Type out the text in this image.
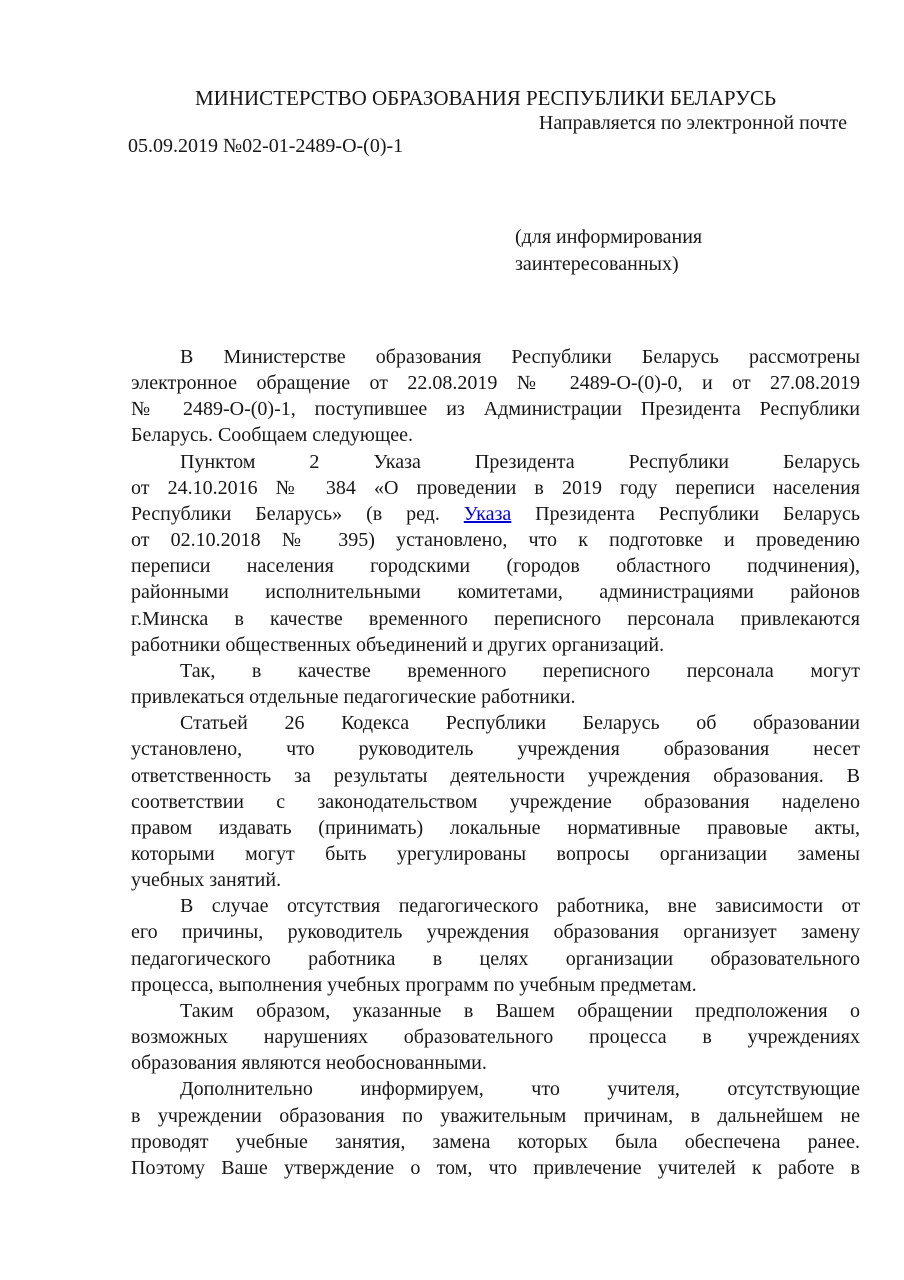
МИНИСТЕРСТВО ОБРАЗОВАНИЯ РЕСПУБЛИКИ БЕЛАРУСЬ
Направляется по электронной почте
05.09.2019 №02-01-2489-О-(0)-1
(для информирования
заинтересованных)
В Министерстве образования Республики Беларусь рассмотрены
электронное обращение от 22.08.2019 № 2489-О-(0)-0, и от 27.08.2019
№ 2489-О-(0)-1, поступившее из Администрации Президента Республики
Беларусь. Сообщаем следующее.
Пунктом 2 Указа Президента Республики Беларусь
от 24.10.2016 № 384 «О проведении в 2019 году переписи населения
Республики Беларусь» (в ред. Указа Президента Республики Беларусь
от 02.10.2018 № 395) установлено, что к подготовке и проведению
переписи населения городскими (городов областного подчинения),
районными исполнительными комитетами, администрациями районов
г.Минска в качестве временного переписного персонала привлекаются
работники общественных объединений и других организаций.
Так, в качестве временного переписного персонала могут
привлекаться отдельные педагогические работники.
Статьей 26 Кодекса Республики Беларусь об образовании
установлено, что руководитель учреждения образования несет
ответственность за результаты деятельности учреждения образования. В
соответствии с законодательством учреждение образования наделено
правом издавать (принимать) локальные нормативные правовые акты,
которыми могут быть урегулированы вопросы организации замены
учебных занятий.
В случае отсутствия педагогического работника, вне зависимости от
его причины, руководитель учреждения образования организует замену
педагогического работника в целях организации образовательного
процесса, выполнения учебных программ по учебным предметам.
Таким образом, указанные в Вашем обращении предположения о
возможных нарушениях образовательного процесса в учреждениях
образования являются необоснованными.
Дополнительно информируем, что учителя, отсутствующие
в учреждении образования по уважительным причинам, в дальнейшем не
проводят учебные занятия, замена которых была обеспечена ранее.
Поэтому Ваше утверждение о том, что привлечение учителей к работе в
